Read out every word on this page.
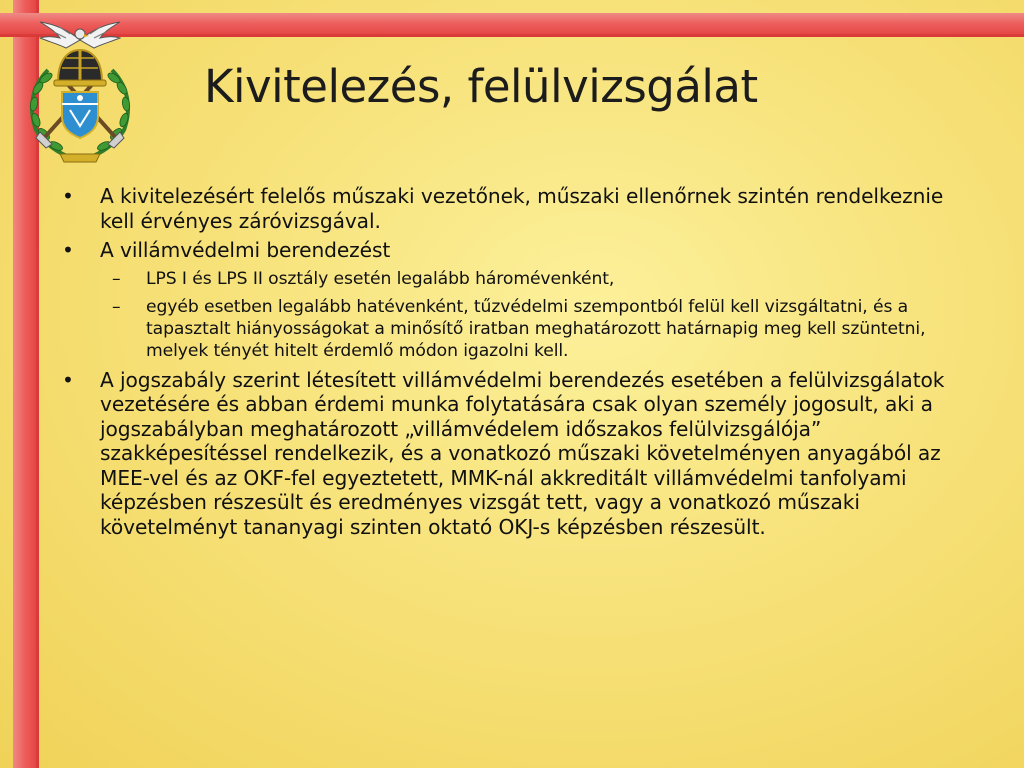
Kivitelezés, felülvizsgálat
•	A kivitelezésért felelős műszaki vezetőnek, műszaki ellenőrnek szintén rendelkeznie kell érvényes záróvizsgával.
•	A villámvédelmi berendezést
–	LPS I és LPS II osztály esetén legalább háromévenként,
–	egyéb esetben legalább hatévenként, tűzvédelmi szempontból felül kell vizsgáltatni, és a tapasztalt hiányosságokat a minősítő iratban meghatározott határnapig meg kell szüntetni, melyek tényét hitelt érdemlő módon igazolni kell.
•	A jogszabály szerint létesített villámvédelmi berendezés esetében a felülvizsgálatok vezetésére és abban érdemi munka folytatására csak olyan személy jogosult, aki a jogszabályban meghatározott „villámvédelem időszakos felülvizsgálója” szakképesítéssel rendelkezik, és a vonatkozó műszaki követelményen anyagából az MEE-vel és az OKF-fel egyeztetett, MMK-nál akkreditált villámvédelmi tanfolyami képzésben részesült és eredményes vizsgát tett, vagy a vonatkozó műszaki követelményt tananyagi szinten oktató OKJ-s képzésben részesült.
